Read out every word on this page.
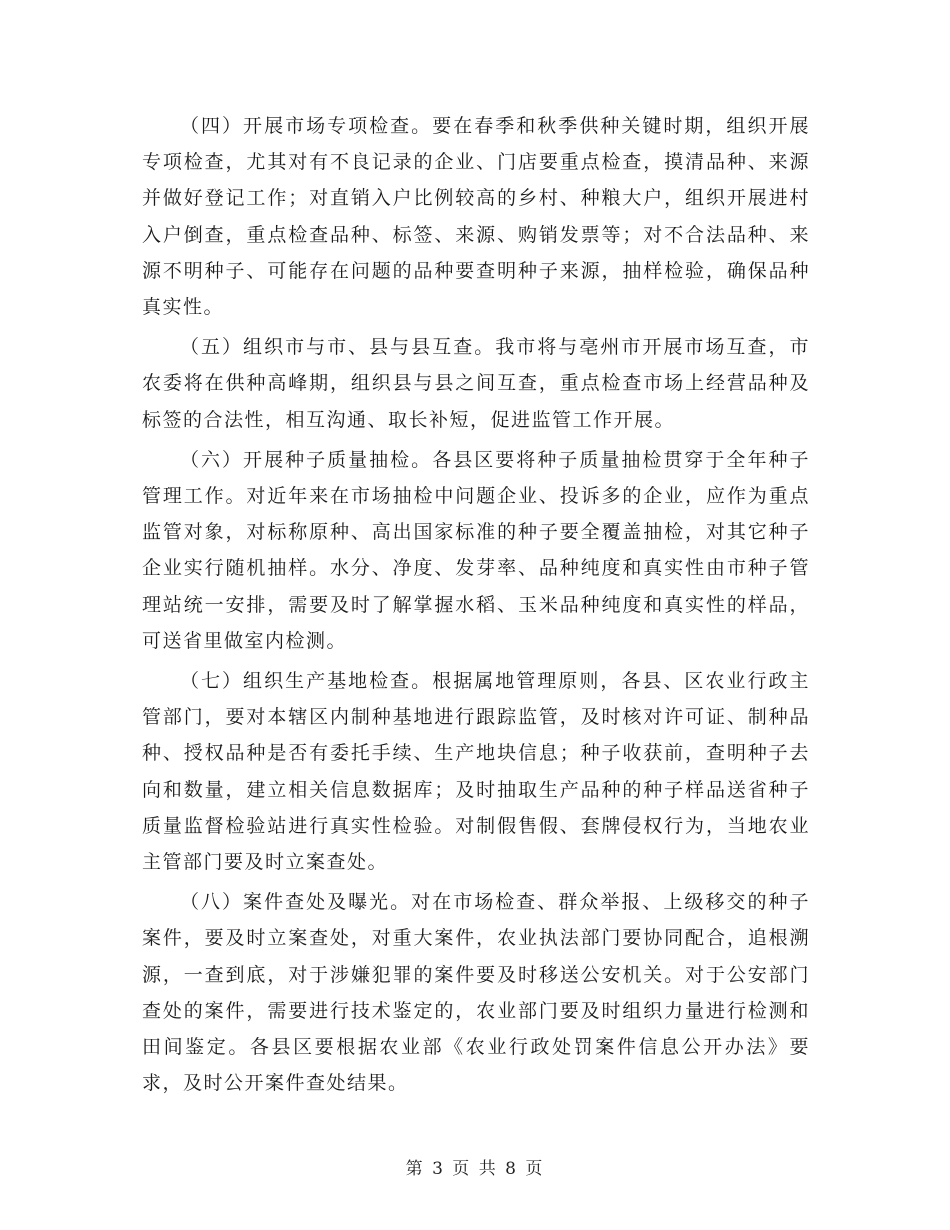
（四）开展市场专项检查。要在春季和秋季供种关键时期，组织开展专项检查，尤其对有不良记录的企业、门店要重点检查，摸清品种、来源并做好登记工作；对直销入户比例较高的乡村、种粮大户，组织开展进村入户倒查，重点检查品种、标签、来源、购销发票等；对不合法品种、来源不明种子、可能存在问题的品种要查明种子来源，抽样检验，确保品种真实性。

（五）组织市与市、县与县互查。我市将与亳州市开展市场互查，市农委将在供种高峰期，组织县与县之间互查，重点检查市场上经营品种及标签的合法性，相互沟通、取长补短，促进监管工作开展。

（六）开展种子质量抽检。各县区要将种子质量抽检贯穿于全年种子管理工作。对近年来在市场抽检中问题企业、投诉多的企业，应作为重点监管对象，对标称原种、高出国家标准的种子要全覆盖抽检，对其它种子企业实行随机抽样。水分、净度、发芽率、品种纯度和真实性由市种子管理站统一安排，需要及时了解掌握水稻、玉米品种纯度和真实性的样品，可送省里做室内检测。

（七）组织生产基地检查。根据属地管理原则，各县、区农业行政主管部门，要对本辖区内制种基地进行跟踪监管，及时核对许可证、制种品种、授权品种是否有委托手续、生产地块信息；种子收获前，查明种子去向和数量，建立相关信息数据库；及时抽取生产品种的种子样品送省种子质量监督检验站进行真实性检验。对制假售假、套牌侵权行为，当地农业主管部门要及时立案查处。

（八）案件查处及曝光。对在市场检查、群众举报、上级移交的种子案件，要及时立案查处，对重大案件，农业执法部门要协同配合，追根溯源，一查到底，对于涉嫌犯罪的案件要及时移送公安机关。对于公安部门查处的案件，需要进行技术鉴定的，农业部门要及时组织力量进行检测和田间鉴定。各县区要根据农业部《农业行政处罚案件信息公开办法》要求，及时公开案件查处结果。

第 3 页 共 8 页
